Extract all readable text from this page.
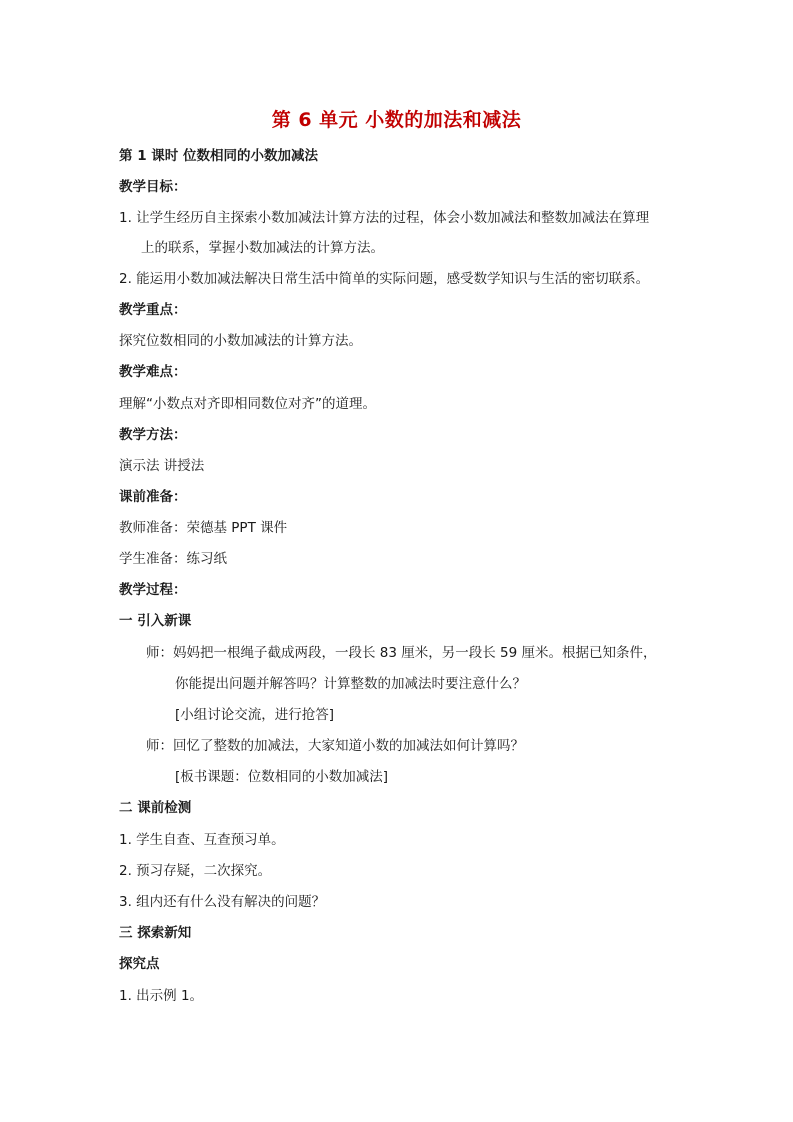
第 6 单元 小数的加法和减法
第 1 课时 位数相同的小数加减法
教学目标：
1. 让学生经历自主探索小数加减法计算方法的过程，体会小数加减法和整数加减法在算理
上的联系，掌握小数加减法的计算方法。
2. 能运用小数加减法解决日常生活中简单的实际问题，感受数学知识与生活的密切联系。
教学重点：
探究位数相同的小数加减法的计算方法。
教学难点：
理解“小数点对齐即相同数位对齐”的道理。
教学方法：
演示法 讲授法
课前准备：
教师准备：荣德基 PPT 课件
学生准备：练习纸
教学过程：
一 引入新课
师：妈妈把一根绳子截成两段，一段长 83 厘米，另一段长 59 厘米。根据已知条件，
你能提出问题并解答吗？计算整数的加减法时要注意什么？
[小组讨论交流，进行抢答]
师：回忆了整数的加减法，大家知道小数的加减法如何计算吗？
[板书课题：位数相同的小数加减法]
二 课前检测
1. 学生自查、互查预习单。
2. 预习存疑，二次探究。
3. 组内还有什么没有解决的问题？
三 探索新知
探究点
1. 出示例 1。
